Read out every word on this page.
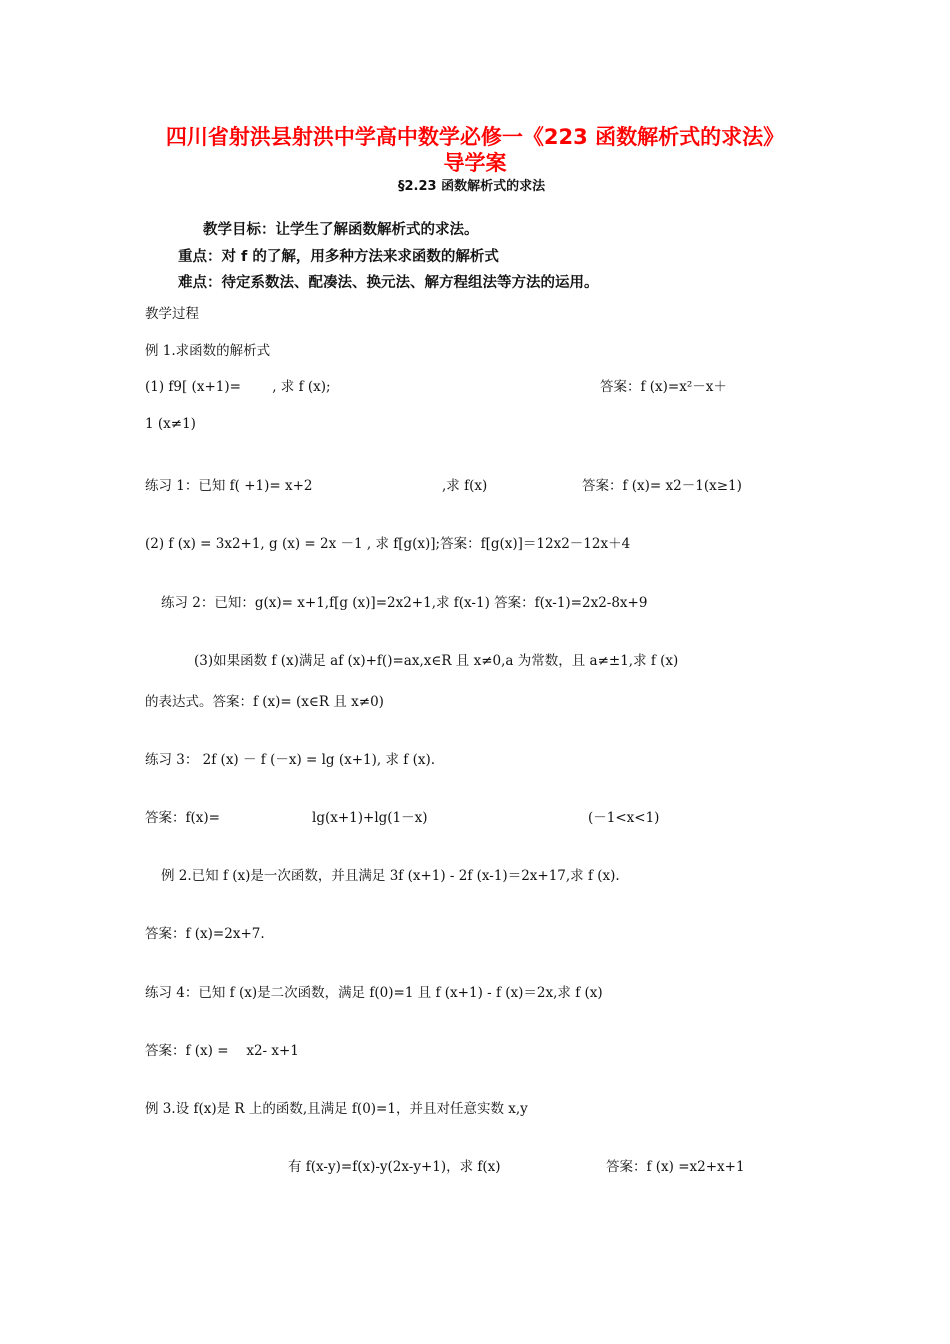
四川省射洪县射洪中学高中数学必修一《223 函数解析式的求法》
导学案
§2.23 函数解析式的求法
教学目标：让学生了解函数解析式的求法。
重点：对 f 的了解，用多种方法来求函数的解析式
难点：待定系数法、配凑法、换元法、解方程组法等方法的运用。
教学过程
例 1.求函数的解析式
(1) f9[ (x+1)=　　 , 求 f (x);	答案：f (x)=x²－x＋
1 (x≠1)
练习 1：已知 f( +1)= x+2	,求 f(x)	答案：f (x)= x2－1(x≥1)
(2) f (x) = 3x2+1, g (x) = 2x －1 , 求 f[g(x)];答案：f[g(x)]＝12x2－12x＋4
练习 2：已知：g(x)= x+1,f[g (x)]=2x2+1,求 f(x-1) 答案：f(x-1)=2x2-8x+9
(3)如果函数 f (x)满足 af (x)+f()=ax,x∈R 且 x≠0,a 为常数，且 a≠±1,求 f (x)
的表达式。答案：f (x)= (x∈R 且 x≠0)
练习 3： 2f (x) － f (－x) = lg (x+1), 求 f (x).
答案：f(x)=	lg(x+1)+lg(1－x)	(－1<x<1)
例 2.已知 f (x)是一次函数，并且满足 3f (x+1) - 2f (x-1)＝2x+17,求 f (x).
答案：f (x)=2x+7.
练习 4：已知 f (x)是二次函数，满足 f(0)=1 且 f (x+1) - f (x)＝2x,求 f (x)
答案：f (x) = 　x2- x+1
例 3.设 f(x)是 R 上的函数,且满足 f(0)=1，并且对任意实数 x,y
有 f(x-y)=f(x)-y(2x-y+1)，求 f(x)	答案：f (x) =x2+x+1
